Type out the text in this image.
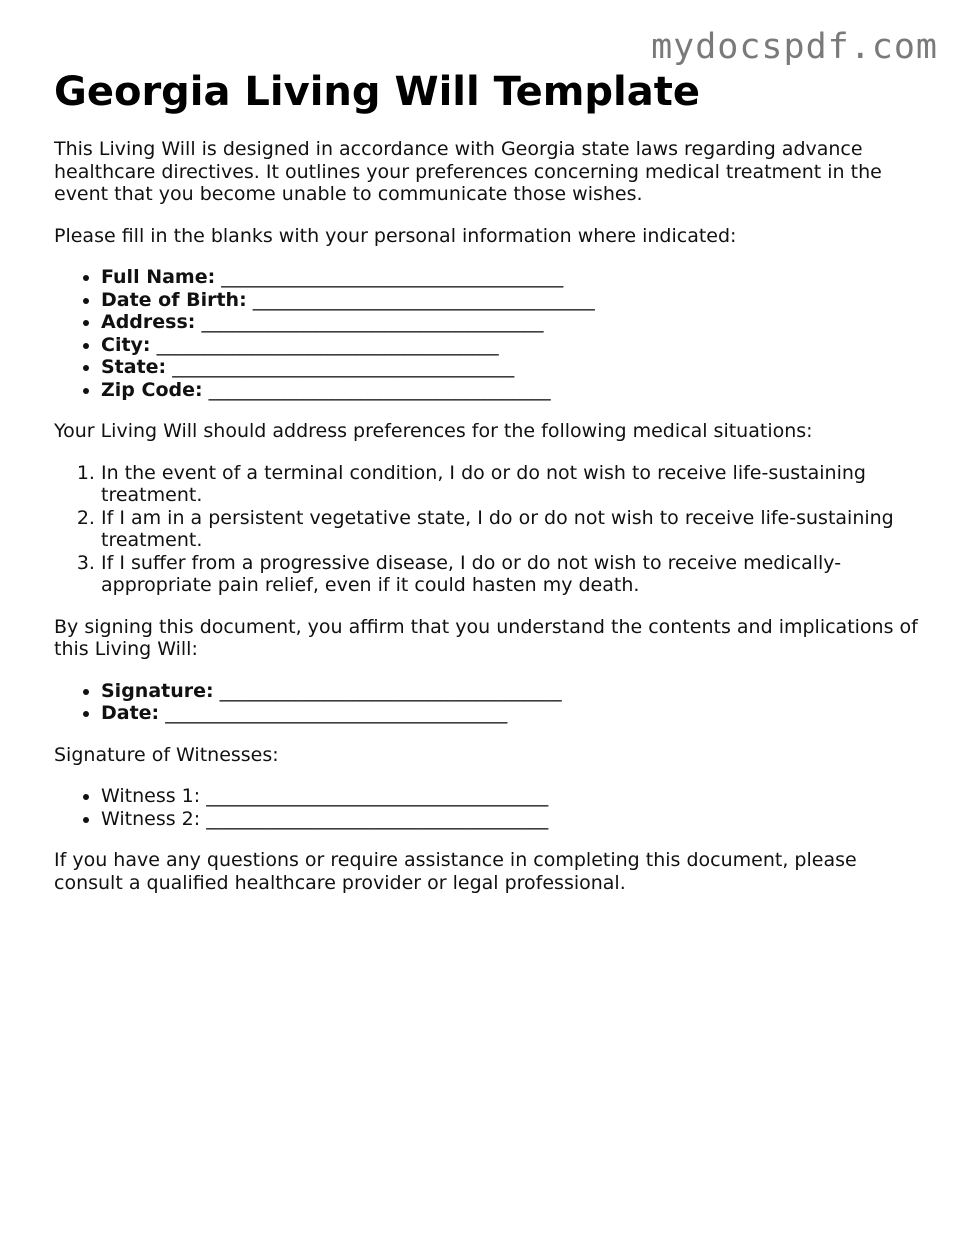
mydocspdf.com
Georgia Living Will Template

This Living Will is designed in accordance with Georgia state laws regarding advance healthcare directives. It outlines your preferences concerning medical treatment in the event that you become unable to communicate those wishes.

Please fill in the blanks with your personal information where indicated:

• Full Name: ____________________________________
• Date of Birth: ____________________________________
• Address: ____________________________________
• City: ____________________________________
• State: ____________________________________
• Zip Code: ____________________________________

Your Living Will should address preferences for the following medical situations:

1. In the event of a terminal condition, I do or do not wish to receive life-sustaining treatment.
2. If I am in a persistent vegetative state, I do or do not wish to receive life-sustaining treatment.
3. If I suffer from a progressive disease, I do or do not wish to receive medically-appropriate pain relief, even if it could hasten my death.

By signing this document, you affirm that you understand the contents and implications of this Living Will:

• Signature: ____________________________________
• Date: ____________________________________

Signature of Witnesses:

• Witness 1: ____________________________________
• Witness 2: ____________________________________

If you have any questions or require assistance in completing this document, please consult a qualified healthcare provider or legal professional.
